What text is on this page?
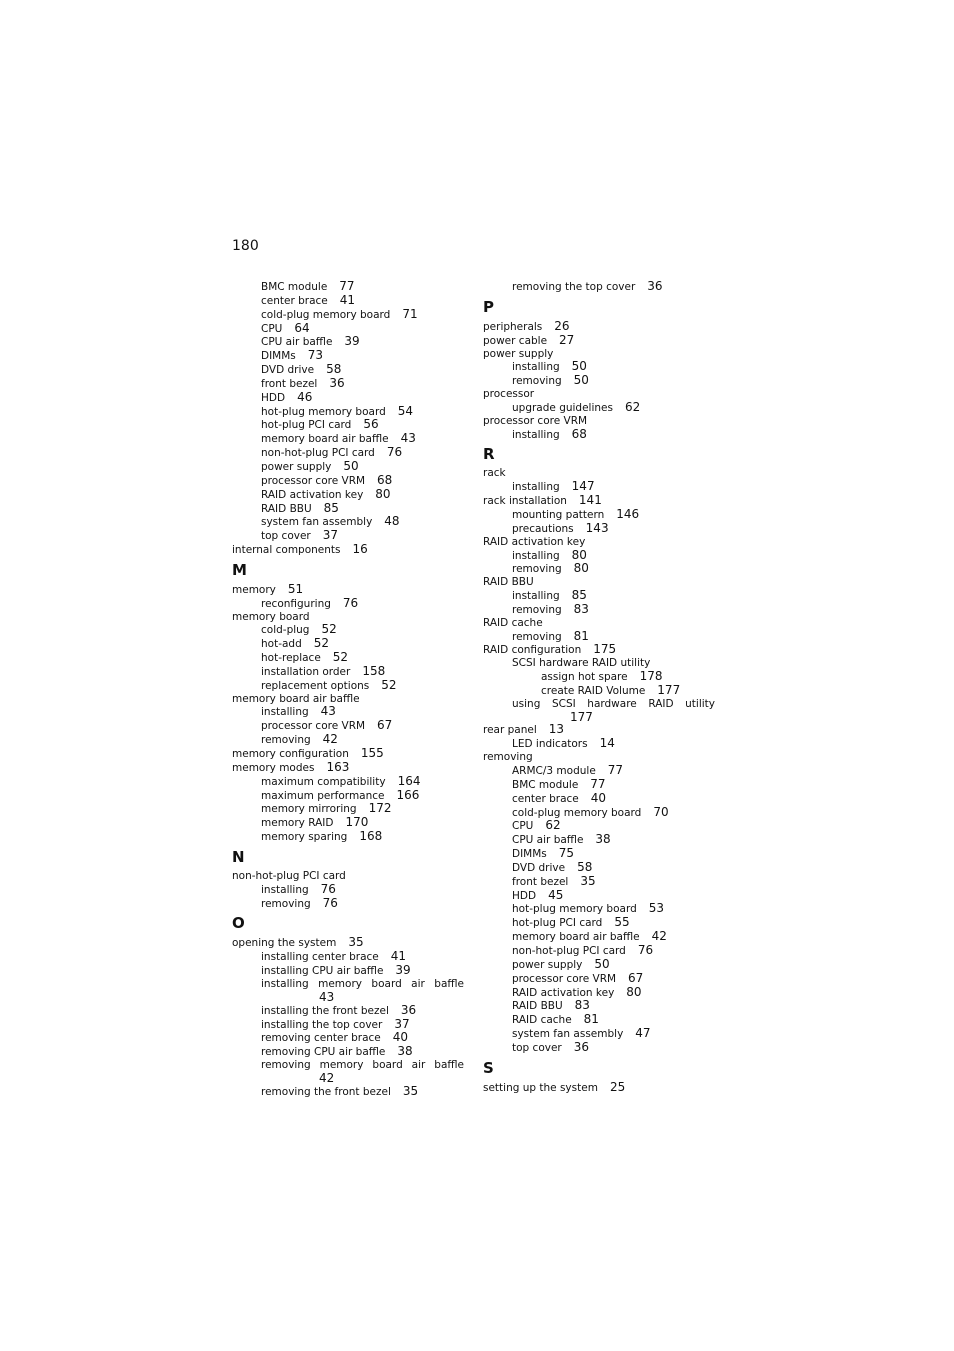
180
BMC module 77
center brace 41
cold-plug memory board 71
CPU 64
CPU air baffle 39
DIMMs 73
DVD drive 58
front bezel 36
HDD 46
hot-plug memory board 54
hot-plug PCI card 56
memory board air baffle 43
non-hot-plug PCI card 76
power supply 50
processor core VRM 68
RAID activation key 80
RAID BBU 85
system fan assembly 48
top cover 37
internal components 16
M
memory 51
reconfiguring 76
memory board
cold-plug 52
hot-add 52
hot-replace 52
installation order 158
replacement options 52
memory board air baffle
installing 43
processor core VRM 67
removing 42
memory configuration 155
memory modes 163
maximum compatibility 164
maximum performance 166
memory mirroring 172
memory RAID 170
memory sparing 168
N
non-hot-plug PCI card
installing 76
removing 76
O
opening the system 35
installing center brace 41
installing CPU air baffle 39
installing memory board air baffle
43
installing the front bezel 36
installing the top cover 37
removing center brace 40
removing CPU air baffle 38
removing memory board air baffle
42
removing the front bezel 35
removing the top cover 36
P
peripherals 26
power cable 27
power supply
installing 50
removing 50
processor
upgrade guidelines 62
processor core VRM
installing 68
R
rack
installing 147
rack installation 141
mounting pattern 146
precautions 143
RAID activation key
installing 80
removing 80
RAID BBU
installing 85
removing 83
RAID cache
removing 81
RAID configuration 175
SCSI hardware RAID utility
assign hot spare 178
create RAID Volume 177
using SCSI hardware RAID utility
177
rear panel 13
LED indicators 14
removing
ARMC/3 module 77
BMC module 77
center brace 40
cold-plug memory board 70
CPU 62
CPU air baffle 38
DIMMs 75
DVD drive 58
front bezel 35
HDD 45
hot-plug memory board 53
hot-plug PCI card 55
memory board air baffle 42
non-hot-plug PCI card 76
power supply 50
processor core VRM 67
RAID activation key 80
RAID BBU 83
RAID cache 81
system fan assembly 47
top cover 36
S
setting up the system 25
